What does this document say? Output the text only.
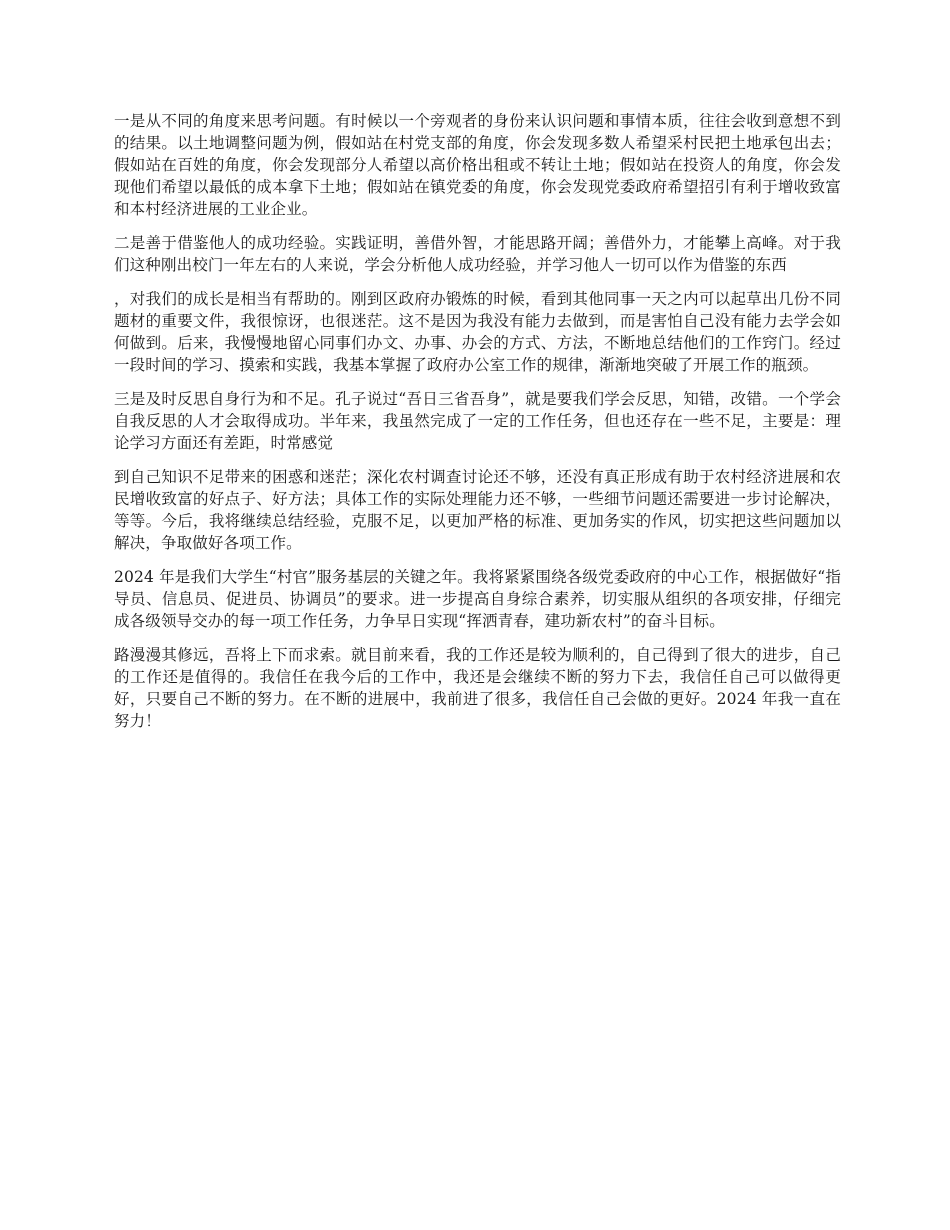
一是从不同的角度来思考问题。有时候以一个旁观者的身份来认识问题和事情本质，往往会收到意想不到的结果。以土地调整问题为例，假如站在村党支部的角度，你会发现多数人希望采村民把土地承包出去；假如站在百姓的角度，你会发现部分人希望以高价格出租或不转让土地；假如站在投资人的角度，你会发现他们希望以最低的成本拿下土地；假如站在镇党委的角度，你会发现党委政府希望招引有利于增收致富和本村经济进展的工业企业。

二是善于借鉴他人的成功经验。实践证明，善借外智，才能思路开阔；善借外力，才能攀上高峰。对于我们这种刚出校门一年左右的人来说，学会分析他人成功经验，并学习他人一切可以作为借鉴的东西

，对我们的成长是相当有帮助的。刚到区政府办锻炼的时候，看到其他同事一天之内可以起草出几份不同题材的重要文件，我很惊讶，也很迷茫。这不是因为我没有能力去做到，而是害怕自己没有能力去学会如何做到。后来，我慢慢地留心同事们办文、办事、办会的方式、方法，不断地总结他们的工作窍门。经过一段时间的学习、摸索和实践，我基本掌握了政府办公室工作的规律，渐渐地突破了开展工作的瓶颈。

三是及时反思自身行为和不足。孔子说过“吾日三省吾身”，就是要我们学会反思，知错，改错。一个学会自我反思的人才会取得成功。半年来，我虽然完成了一定的工作任务，但也还存在一些不足，主要是：理论学习方面还有差距，时常感觉

到自己知识不足带来的困惑和迷茫；深化农村调查讨论还不够，还没有真正形成有助于农村经济进展和农民增收致富的好点子、好方法；具体工作的实际处理能力还不够，一些细节问题还需要进一步讨论解决，等等。今后，我将继续总结经验，克服不足，以更加严格的标准、更加务实的作风，切实把这些问题加以解决，争取做好各项工作。

2024 年是我们大学生“村官”服务基层的关键之年。我将紧紧围绕各级党委政府的中心工作，根据做好“指导员、信息员、促进员、协调员”的要求。进一步提高自身综合素养，切实服从组织的各项安排，仔细完成各级领导交办的每一项工作任务，力争早日实现“挥洒青春，建功新农村”的奋斗目标。

路漫漫其修远，吾将上下而求索。就目前来看，我的工作还是较为顺利的，自己得到了很大的进步，自己的工作还是值得的。我信任在我今后的工作中，我还是会继续不断的努力下去，我信任自己可以做得更好，只要自己不断的努力。在不断的进展中，我前进了很多，我信任自己会做的更好。2024 年我一直在努力！
